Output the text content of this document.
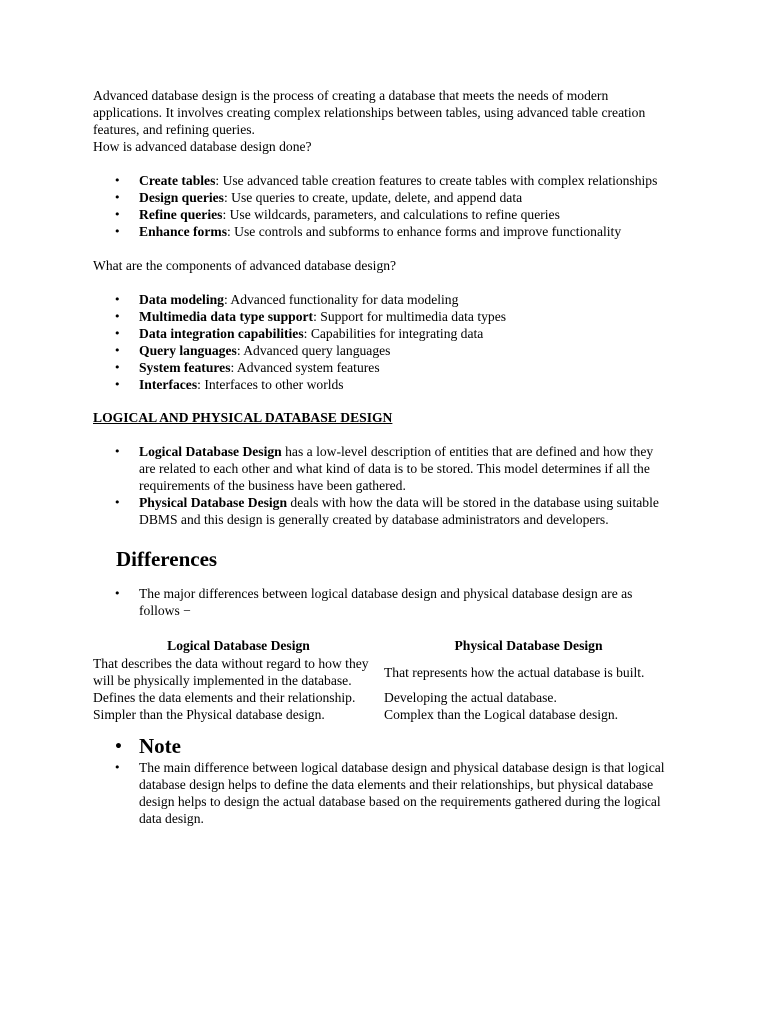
Advanced database design is the process of creating a database that meets the needs of modern applications. It involves creating complex relationships between tables, using advanced table creation features, and refining queries.

How is advanced database design done?

• Create tables: Use advanced table creation features to create tables with complex relationships
• Design queries: Use queries to create, update, delete, and append data
• Refine queries: Use wildcards, parameters, and calculations to refine queries
• Enhance forms: Use controls and subforms to enhance forms and improve functionality

What are the components of advanced database design?

• Data modeling: Advanced functionality for data modeling
• Multimedia data type support: Support for multimedia data types
• Data integration capabilities: Capabilities for integrating data
• Query languages: Advanced query languages
• System features: Advanced system features
• Interfaces: Interfaces to other worlds

LOGICAL AND PHYSICAL DATABASE DESIGN

• Logical Database Design has a low-level description of entities that are defined and how they are related to each other and what kind of data is to be stored. This model determines if all the requirements of the business have been gathered.
• Physical Database Design deals with how the data will be stored in the database using suitable DBMS and this design is generally created by database administrators and developers.

Differences

• The major differences between logical database design and physical database design are as follows −
Logical Database Design	Physical Database Design
That describes the data without regard to how they will be physically implemented in the database.	That represents how the actual database is built.
Defines the data elements and their relationship.	Developing the actual database.
Simpler than the Physical database design.	Complex than the Logical database design.
• Note
• The main difference between logical database design and physical database design is that logical database design helps to define the data elements and their relationships, but physical database design helps to design the actual database based on the requirements gathered during the logical data design.
